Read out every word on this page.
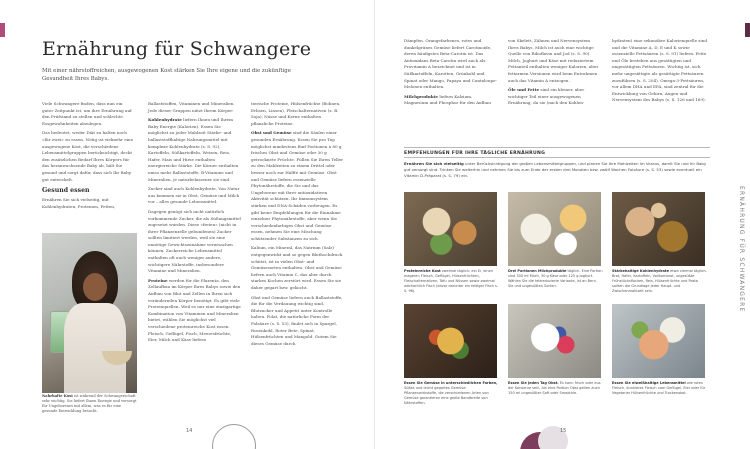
Ernährung für Schwangere

Mit einer nährstoffreichen, ausgewogenen Kost stärken Sie Ihre eigene und die zukünftige Gesundheit Ihres Babys.

Viele Schwangere finden, dass nun ein guter Zeitpunkt ist, um ihre Ernährung auf den Prüfstand zu stellen und schlechte Essgewohnheiten abzulegen.

Das bedeutet, weder Diät zu halten noch »für zwei« zu essen. Nötig ist vielmehr eine ausgewogene Kost, die verschiedene Lebensmittelgruppen berücksichtigt, deckt den zusätzlichen Bedarf Ihres Körpers für das heranwachsende Baby ab, hält Sie gesund und sorgt dafür, dass sich Ihr Baby gut entwickelt.

Gesund essen

Ernähren Sie sich vielseitig, mit Kohlenhydraten, Proteinen, Fetten,

Nahrhafte Kost ist während der Schwangerschaft sehr wichtig. Sie liefert Ihnen Energie und versorgt Ihr Ungeborenes mit allem, was es für eine gesunde Entwicklung braucht.

Ballaststoffen, Vitaminen und Mineralien. Jede dieser Gruppen nützt Ihrem Körper:

Kohlenhydrate liefern Ihnen und Ihrem Baby Energie (Kalorien). Essen Sie möglichst zu jeder Mahlzeit Stärke- und ballaststoffhaltige Nahrungsmittel mit komplexe Kohlenhydrate (s. S. 92), Kartoffeln, Süßkartoffeln, Weizen, Reis, Hafer, Mais und Hirse enthalten energiereiche Stärke. Die Körner enthalten umso mehr Ballaststoffe, B-Vitamine und Mineralien, je naturbelassener sie sind.

Zucker sind auch Kohlenhydrate. Von Natur aus kommen sie in Obst, Gemüse und Milch vor – alles gesunde Lebensmittel.

Dagegen genügt sich nicht natürlich vorkommende Zucker, die als Süßungsmittel zugesetzt wurden. Diese »freien« (nicht in ihrer Pflanzenzelle gebundenen) Zucker sollten limitiert werden, weil sie eine unnötige Gewichtszunahme verursachen können. Zuckerreiche Lebensmittel enthalten oft auch weniger andere, wichtigere Nährstoffe, insbesondere Vitamine und Mineralien.

Proteine werden für die Plazenta, den Zellaufbau im Körper Ihres Babys sowie den Aufbau von Blut und Zellen in Ihren sich verändernden Körper benötigt. Es gibt viele Proteinquellen. Weil es nur eine einzigartige Kombination von Vitaminen und Mineralien bietet, wählen Sie möglichst viel verschiedene proteinreiche Kost essen. Fleisch, Geflügel, Fisch, Meeresfrüchte, Eier, Milch und Käse liefern

tierische Proteine, Hülsenfrüchte (Bohnen, Erbsen, Linsen), Fleischalternativen (z. B. Soja), Nüsse und Kerne enthalten pflanzliche Proteine.

Obst und Gemüse sind die Säulen einer gesunden Ernährung. Essen Sie pro Tag möglichst mindestens fünf Portionen à 80 g frisches Obst und Gemüse oder 30 g getrocknete Früchte. Füllen Sie Ihren Teller zu den Mahlzeiten zu einem Drittel oder besser noch zur Hälfte mit Gemüse. Obst und Gemüse liefern essenzielle Phytonährstoffe, die Sie und das Ungeborene mit ihrer antioxidativen Aktivität schützen, Ihr Immunsystem stärken und DNA-Schäden vorbeugen. Es gibt keine Empfehlungen für die Einnahme einzelner Phytonährstoffe, aber wenn Sie verschiedenfarbiges Obst und Gemüse essen, nehmen Sie eine Mischung schützender Substanzen zu sich.

Kalium, ein Mineral, das Natrium (Salz) entgegenwirkt und so gegen Bluthochdruck schützt, ist in vielen Obst- und Gemüsesorten enthalten. Obst und Gemüse liefern auch Vitamin C, das aber durch starkes Kochen zerstört wird. Essen Sie sie daher gegart bzw. gekocht.

Obst und Gemüse liefern auch Ballaststoffe, die für die Verdauung wichtig sind, Blutzucker und Appetit unter Kontrolle halten. Folat, die natürliche Form der Folsäure (s. S. 53), findet sich in Spargel, Rosenkohl, Roter Bete, Spinat, Hülsenfrüchten und Mangold. Gutem Sie dieses Gemüse durch

14

Dämpfen. Orangefarbenes, rotes und dunkelgrünes Gemüse liefert Carotinoide, deren häufigstes Beta-Carotin ist. Das Antioxidans Beta-Carotin wird auch als Provitamin A bezeichnet und ist in Süßkartoffeln, Karotten, Grünkohl und Spinat oder Mango, Papaya und Cantaloupe-Melonen enthalten.

Milchprodukte liefern Kalzium, Magnesium und Phosphor für den Aufbau

von Skelett, Zähnen und Nervensystem Ihres Babys. Milch ist auch eine wichtige Quelle von Riboflavin und Jod (s. S. 90). Milch, Joghurt und Käse mit reduziertem Fettanteil enthalten weniger Kalorien, aber fettarmen Versionen wird beim Entrahmen auch das Vitamin A entzogen.

Öle und Fette sind ein kleiner, aber wichtiger Teil einer ausgewogenen Ernährung, da sie (nach den Kohlen-

hydraten) eine sekundäre Kalorienquelle sind und die Vitamine A, D, E und K sowie essenzielle Fettsäuren (s. S. 91) liefern. Fette und Öle bestehen aus gesättigten und ungesättigten Fettsäuren. Wichtig ist, sich mehr ungesättigte als gesättigte Fettsäuren zuzuführen (s. S. 204). Omega-3-Fettsäuren, vor allem DHA und EPA, sind zentral für die Entwicklung von Gehirn, Augen und Nervensystem des Babys (s. S. 126 und 169).

EMPFEHLUNGEN FÜR IHRE TÄGLICHE ERNÄHRUNG

Ernähren Sie sich vielseitig unter Berücksichtigung der großen Lebensmittelgruppen, und planen Sie Ihre Mahlzeiten im Voraus, damit Sie und Ihr Baby gut versorgt sind. Trinken Sie weiterhin und nehmen Sie bis zum Ende der ersten drei Monaten bzw. zwölf Wochen Folsäure (s. S. 53) sowie eventuell ein Vitamin D-Präparat (s. S. 79) ein.

Proteinreiche Kost zweimal täglich: ein Ei, einen mageren Fleisch, Geflügel, Hülsenfrüchten, Fleischalternativen, Tofu und Nüssen sowie zweimal wöchentlich Fisch (davor darunter ein fettiger Fisch s. S. 96).

Drei Portionen Milchprodukte täglich. Eine Portion sind 300 ml Milch, 30 g Käse oder 125 g Joghurt. Wählen Sie die fettreduzierte Variante, ist an Bern. Sie und ungesüßten Sorten.

Stärkehaltige Kohlenhydrate etwa viermal täglich. Brot, Hafer, Kartoffeln, Vollkornbrot, ungesüßte Frühstücksflocken, Reis, Hülsenfrüchte und Pasta sollten die Grundlage jeder Haupt- und Zwischenmahlzeit sein.

Essen Sie Gemüse in unterschiedlichen Farben, Süßes und leicht gegartes Gemüse: Pflanzenwirkstoffe, die verschiedenen Arten von Gemüse garantieren eine große Bandbreite von Nährstoffen.

Essen Sie jeden Tag Obst. Es kann frisch oder aus der Konserve sein. Als eine Portion Obst gelten auch 150 ml ungesüßter Saft oder Smoothie.

Essen Sie eiweißhaltige Lebensmittel wie rotes Fleisch, dunkleres Fleisch vom Geflügel, Eier oder für Vegetarier Hülsenfrüchte und Trockenobst.

ERNÄHRUNG FÜR SCHWANGERE
15
